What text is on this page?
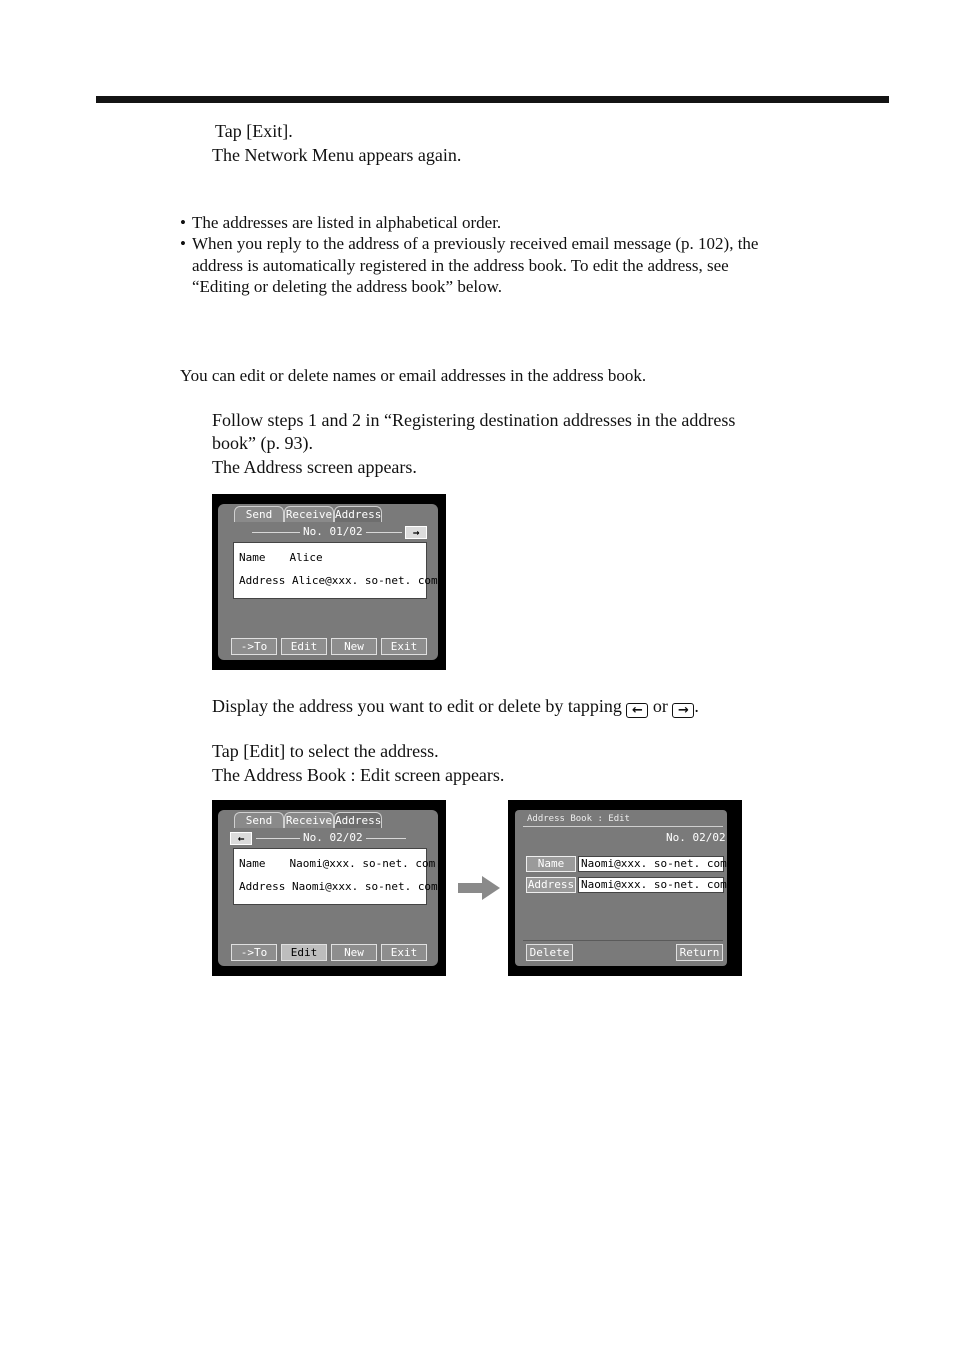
Tap [Exit].
The Network Menu appears again.
• The addresses are listed in alphabetical order.
• When you reply to the address of a previously received email message (p. 102), the
address is automatically registered in the address book. To edit the address, see
“Editing or deleting the address book” below.
You can edit or delete names or email addresses in the address book.
Follow steps 1 and 2 in “Registering destination addresses in the address
book” (p. 93).
The Address screen appears.
Send	Receive Address
No. 01/02	→
Name Alice
Address Alice@xxx. so-net. com
->To	Edit	New	Exit
Display the address you want to edit or delete by tapping ← or → .
Tap [Edit] to select the address.
The Address Book : Edit screen appears.
Send	Receive Address
←	No. 02/02
Name Naomi@xxx. so-net. com
Address Naomi@xxx. so-net. com
->To	Edit	New	Exit
Address Book : Edit
No. 02/02
Name	Naomi@xxx. so-net. com
Address Naomi@xxx. so-net. com
Delete	Return
